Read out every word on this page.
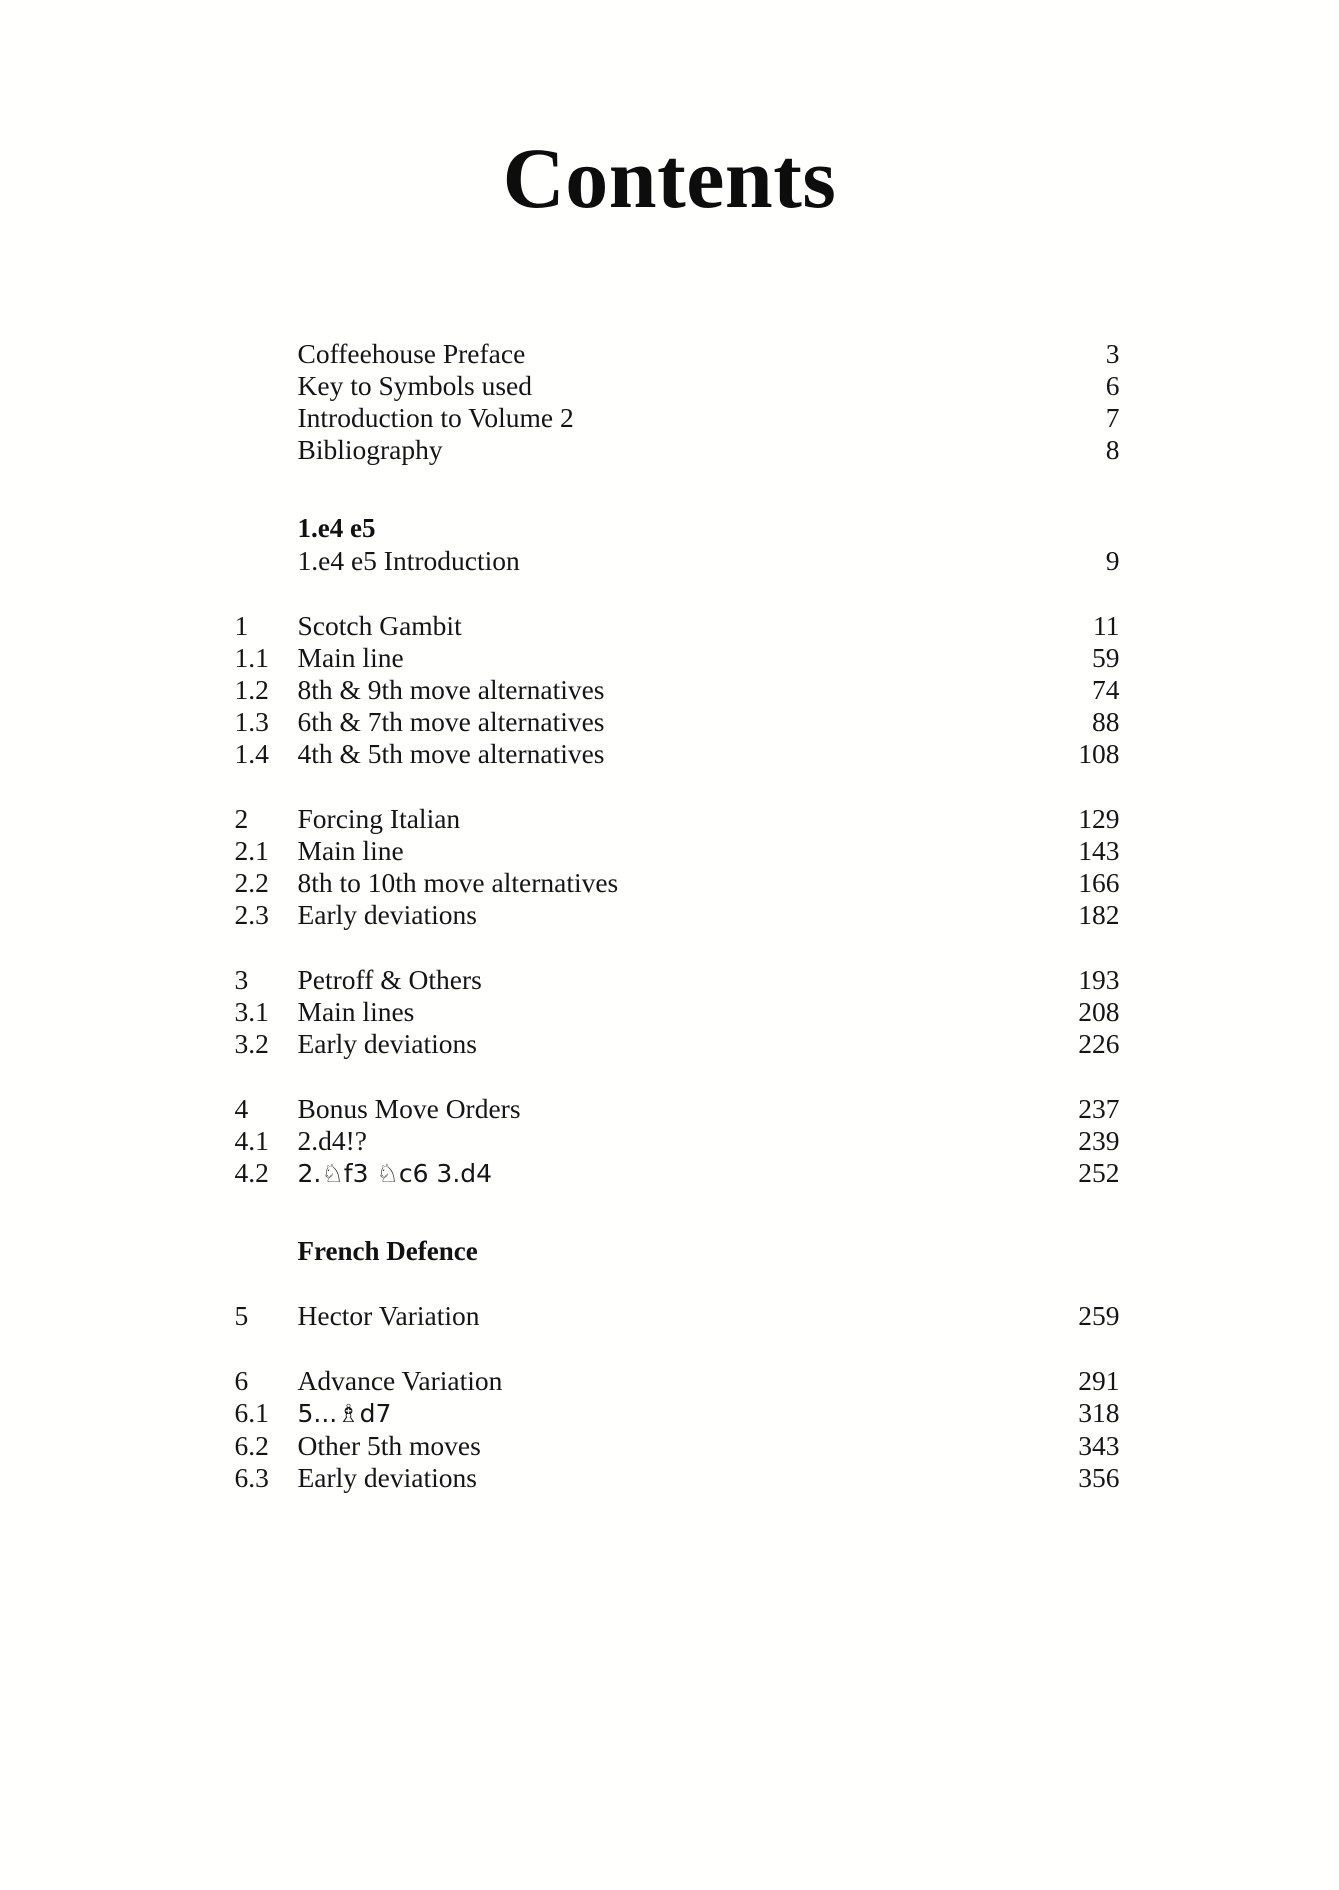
Contents
Coffeehouse Preface	3
Key to Symbols used	6
Introduction to Volume 2	7
Bibliography	8
1.e4 e5
1.e4 e5 Introduction	9
1	Scotch Gambit	11
1.1	Main line	59
1.2	8th & 9th move alternatives	74
1.3	6th & 7th move alternatives	88
1.4	4th & 5th move alternatives	108
2	Forcing Italian	129
2.1	Main line	143
2.2	8th to 10th move alternatives	166
2.3	Early deviations	182
3	Petroff & Others	193
3.1	Main lines	208
3.2	Early deviations	226
4	Bonus Move Orders	237
4.1	2.d4!?	239
4.2	2.♘f3 ♘c6 3.d4	252
French Defence
5	Hector Variation	259
6	Advance Variation	291
6.1	5...♗d7	318
6.2	Other 5th moves	343
6.3	Early deviations	356
